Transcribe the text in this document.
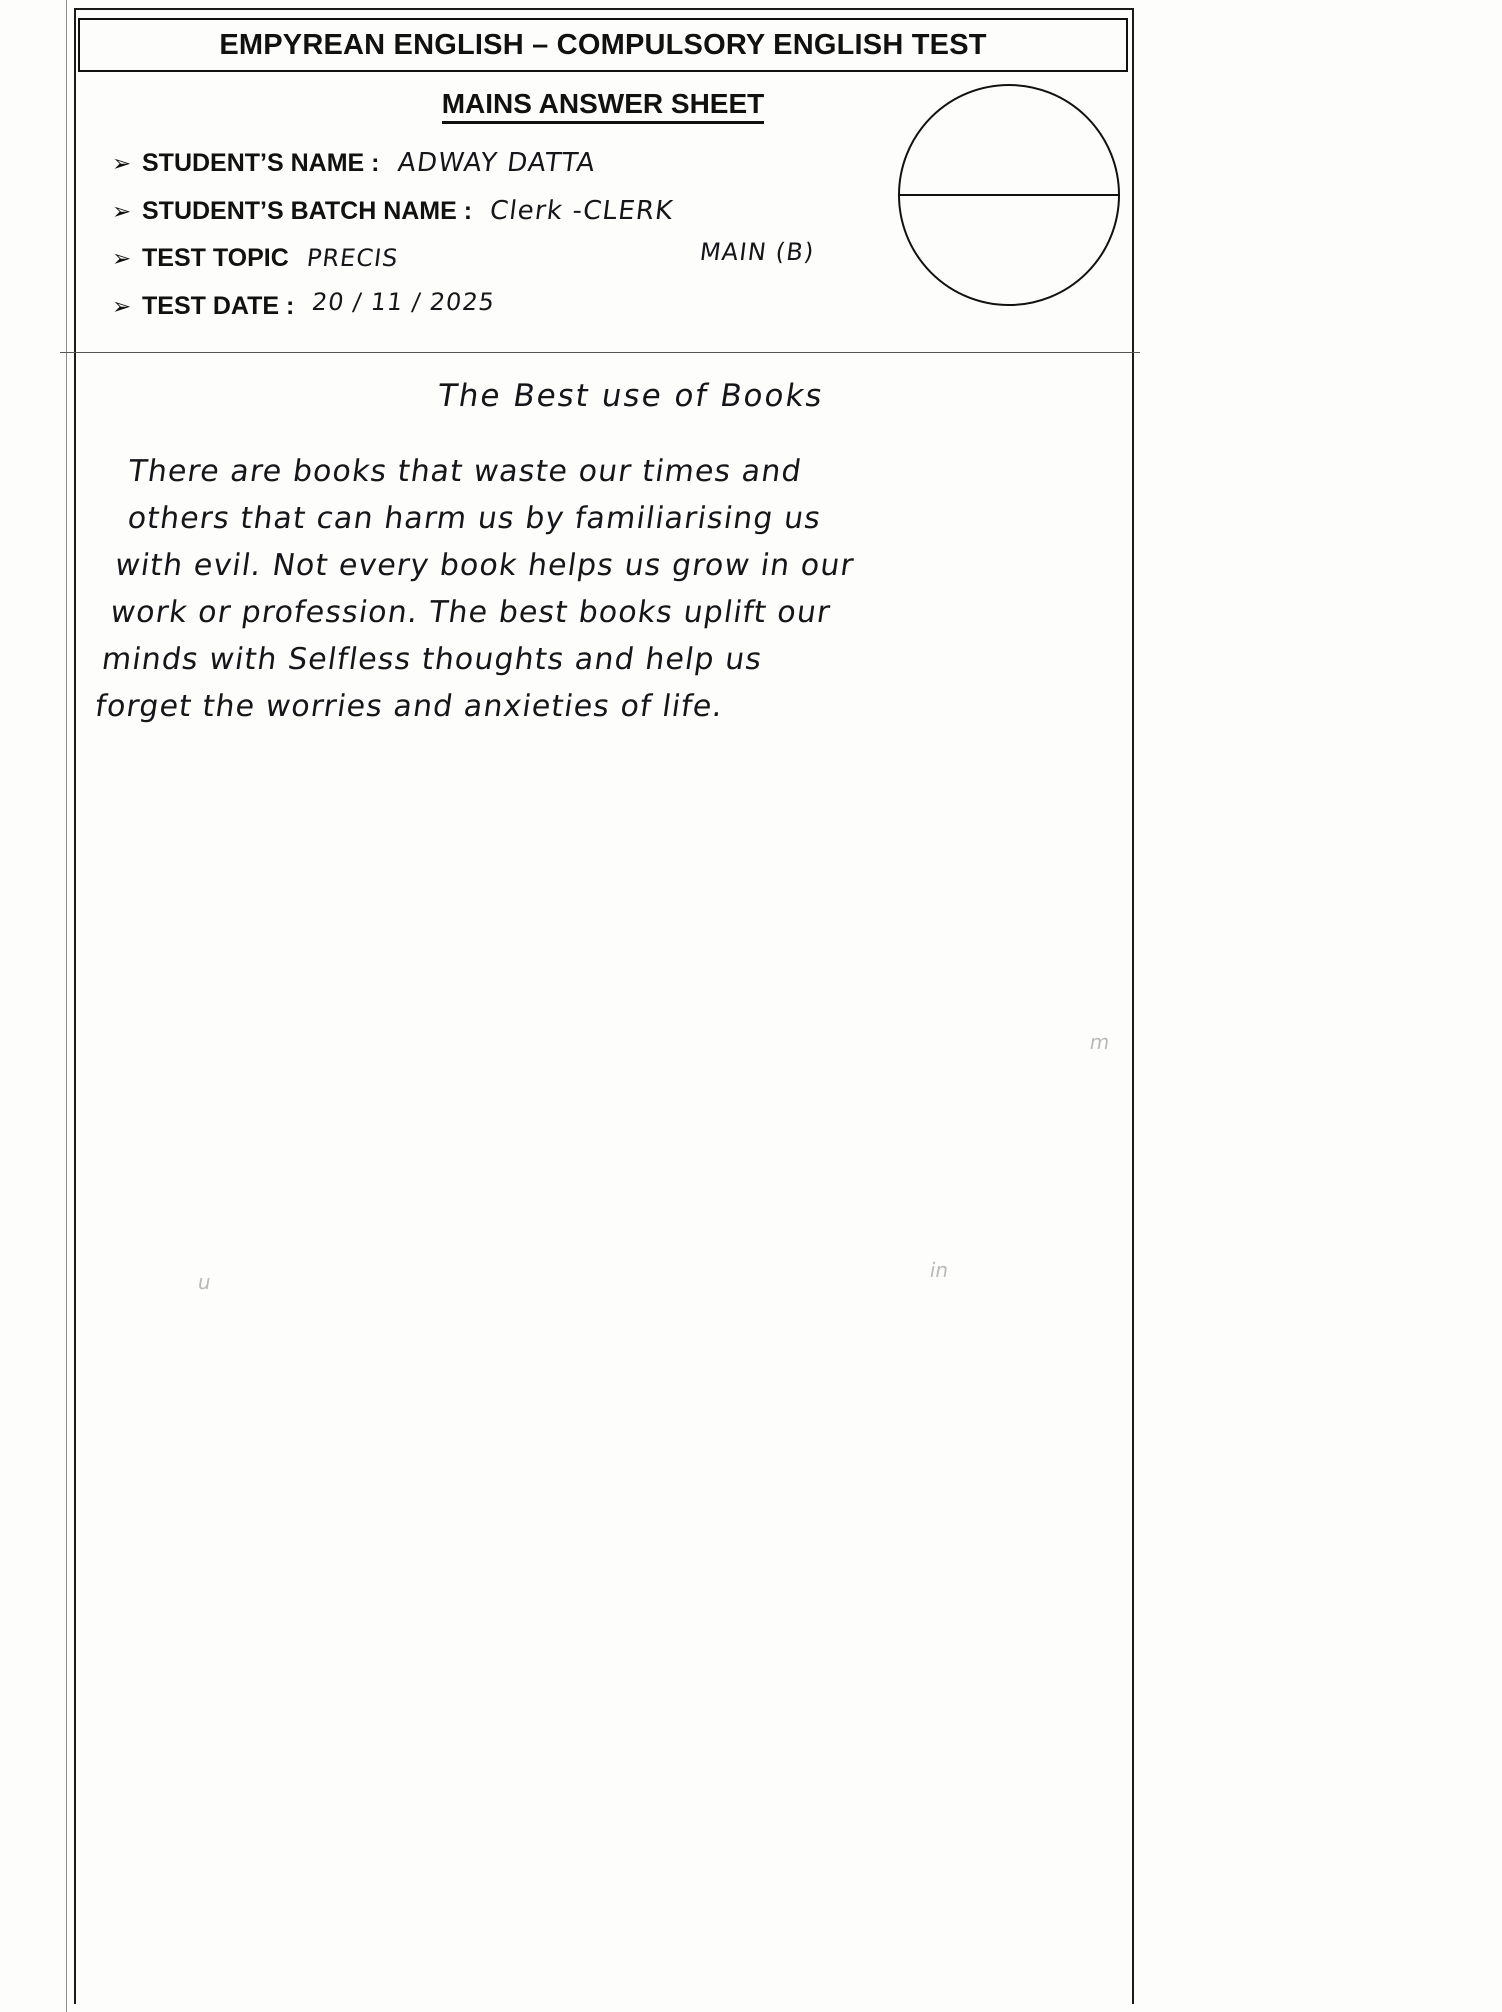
EMPYREAN ENGLISH – COMPULSORY ENGLISH TEST
MAINS ANSWER SHEET
➢ STUDENT’S NAME : ADWAY DATTA
➢ STUDENT’S BATCH NAME : Clerk -CLERK
➢ TEST TOPIC PRECIS
➢ TEST DATE : 20 / 11 / 2025
MAIN (B)
The Best use of Books
There are books that waste our times and
others that can harm us by familiarising us
with evil. Not every book helps us grow in our
work or profession. The best books uplift our
minds with Selfless thoughts and help us
forget the worries and anxieties of life.
m
u	in
